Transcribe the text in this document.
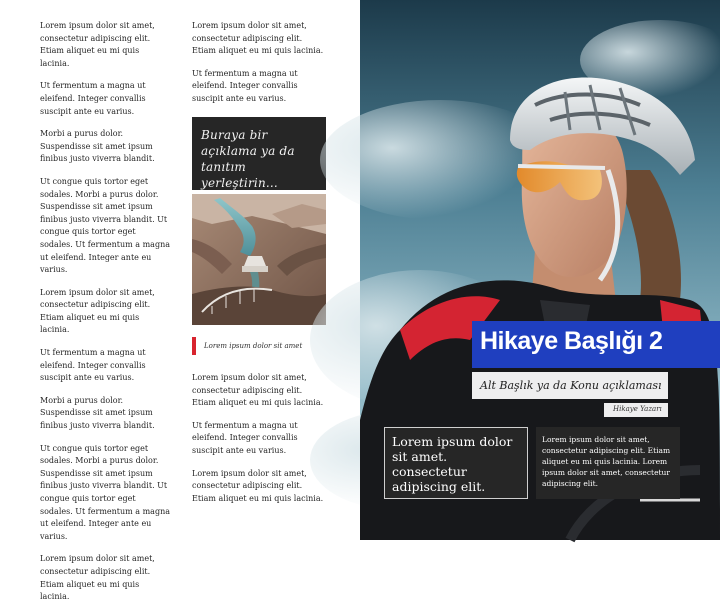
Lorem ipsum dolor sit amet, consectetur adipiscing elit. Etiam aliquet eu mi quis lacinia.

Ut fermentum a magna ut eleifend. Integer convallis suscipit ante eu varius.

Morbi a purus dolor. Suspendisse sit amet ipsum finibus justo viverra blandit.

Ut congue quis tortor eget sodales. Morbi a purus dolor. Suspendisse sit amet ipsum finibus justo viverra blandit. Ut congue quis tortor eget sodales. Ut fermentum a magna ut eleifend. Integer ante eu varius.

Lorem ipsum dolor sit amet, consectetur adipiscing elit. Etiam aliquet eu mi quis lacinia.

Ut fermentum a magna ut eleifend. Integer convallis suscipit ante eu varius.

Morbi a purus dolor. Suspendisse sit amet ipsum finibus justo viverra blandit.

Ut congue quis tortor eget sodales. Morbi a purus dolor. Suspendisse sit amet ipsum finibus justo viverra blandit. Ut congue quis tortor eget sodales. Ut fermentum a magna ut eleifend. Integer ante eu varius.

Lorem ipsum dolor sit amet, consectetur adipiscing elit. Etiam aliquet eu mi quis lacinia.

Lorem ipsum dolor sit amet, consectetur adipiscing elit. Etiam aliquet eu mi quis lacinia.

Ut fermentum a magna ut eleifend. Integer convallis suscipit ante eu varius.

Buraya bir açıklama ya da tanıtım yerleştirin...
Lorem ipsum dolor sit amet

Lorem ipsum dolor sit amet, consectetur adipiscing elit. Etiam aliquet eu mi quis lacinia.

Ut fermentum a magna ut eleifend. Integer convallis suscipit ante eu varius.

Lorem ipsum dolor sit amet, consectetur adipiscing elit. Etiam aliquet eu mi quis lacinia.

Hikaye Başlığı 2
Alt Başlık ya da Konu açıklaması
Hikaye Yazarı
Lorem ipsum dolor sit amet. consectetur adipiscing elit.
Lorem ipsum dolor sit amet, consectetur adipiscing elit. Etiam aliquet eu mi quis lacinia. Lorem ipsum dolor sit amet, consectetur adipiscing elit.
